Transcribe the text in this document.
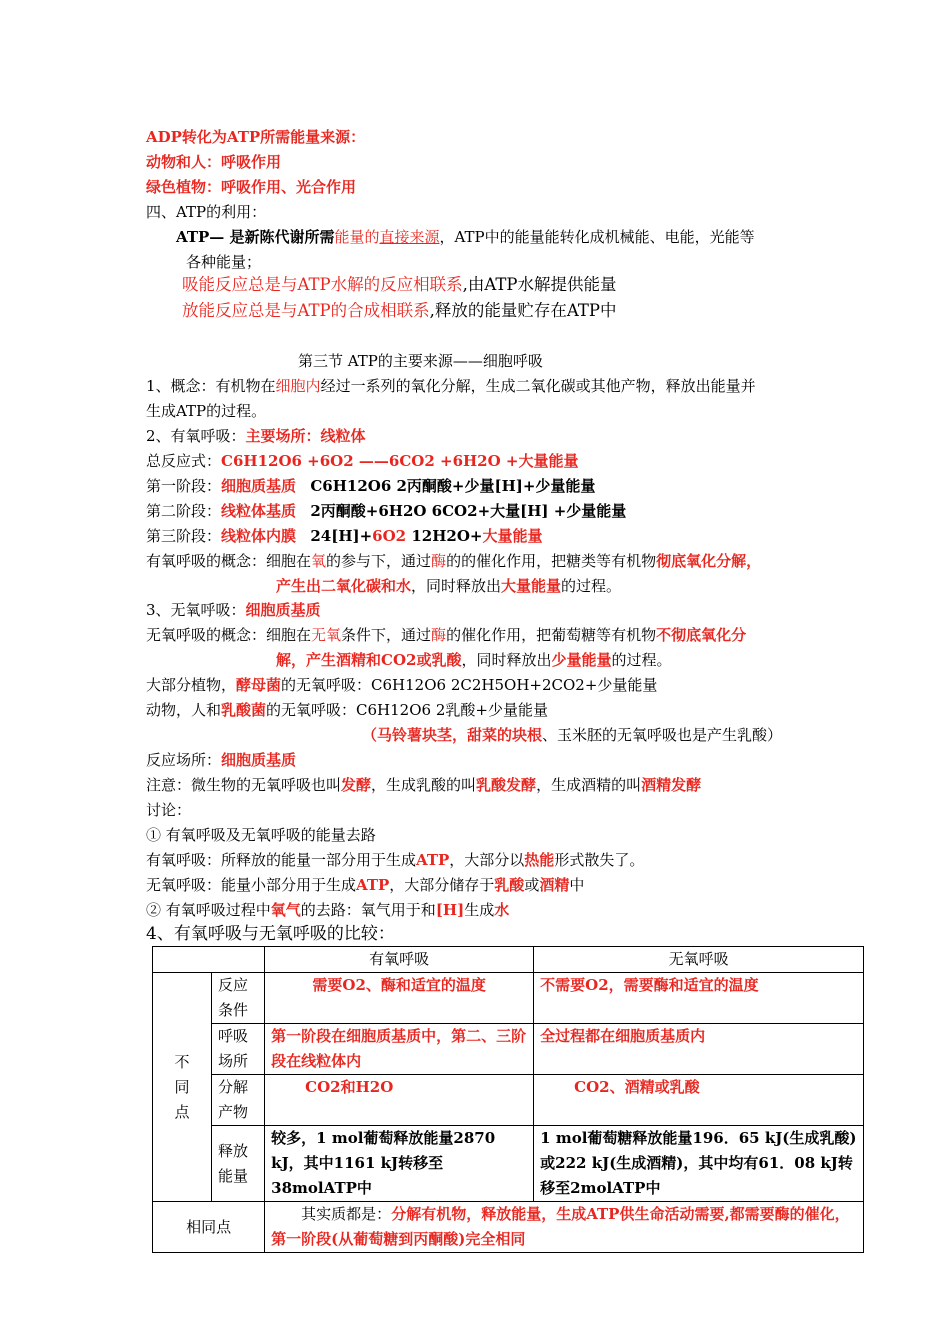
ADP转化为ATP所需能量来源：
动物和人：呼吸作用
绿色植物：呼吸作用、光合作用
四、ATP的利用：
ATP— 是新陈代谢所需能量的直接来源，ATP中的能量能转化成机械能、电能，光能等
各种能量；
吸能反应总是与ATP水解的反应相联系,由ATP水解提供能量
放能反应总是与ATP的合成相联系,释放的能量贮存在ATP中
第三节 ATP的主要来源——细胞呼吸
1、概念：有机物在细胞内经过一系列的氧化分解，生成二氧化碳或其他产物，释放出能量并
生成ATP的过程。
2、有氧呼吸：主要场所：线粒体
总反应式：C6H12O6 +6O2 ——6CO2 +6H2O +大量能量
第一阶段：细胞质基质 C6H12O6 2丙酮酸+少量[H]+少量能量
第二阶段：线粒体基质 2丙酮酸+6H2O 6CO2+大量[H] +少量能量
第三阶段：线粒体内膜 24[H]+6O2 12H2O+大量能量
有氧呼吸的概念：细胞在氧的参与下，通过酶的的催化作用，把糖类等有机物彻底氧化分解，
产生出二氧化碳和水，同时释放出大量能量的过程。
3、无氧呼吸：细胞质基质
无氧呼吸的概念：细胞在无氧条件下，通过酶的催化作用，把葡萄糖等有机物不彻底氧化分
解，产生酒精和CO2或乳酸，同时释放出少量能量的过程。
大部分植物，酵母菌的无氧呼吸：C6H12O6 2C2H5OH+2CO2+少量能量
动物，人和乳酸菌的无氧呼吸：C6H12O6 2乳酸+少量能量
（马铃薯块茎，甜菜的块根、玉米胚的无氧呼吸也是产生乳酸）
反应场所：细胞质基质
注意：微生物的无氧呼吸也叫发酵，生成乳酸的叫乳酸发酵，生成酒精的叫酒精发酵
讨论：
① 有氧呼吸及无氧呼吸的能量去路
有氧呼吸：所释放的能量一部分用于生成ATP，大部分以热能形式散失了。
无氧呼吸：能量小部分用于生成ATP，大部分储存于乳酸或酒精中
② 有氧呼吸过程中氧气的去路：氧气用于和[H]生成水
4、有氧呼吸与无氧呼吸的比较：
		有氧呼吸	无氧呼吸
不同点	反应条件	需要O2、酶和适宜的温度	不需要O2，需要酶和适宜的温度
	呼吸场所	第一阶段在细胞质基质中，第二、三阶段在线粒体内	全过程都在细胞质基质内
	分解产物	CO2和H2O	CO2、酒精或乳酸
	释放能量	较多，1 mol葡萄释放能量2870 kJ，其中1161 kJ转移至38molATP中	1 mol葡萄糖释放能量196．65 kJ(生成乳酸)或222 kJ(生成酒精)，其中均有61．08 kJ转移至2molATP中
相同点		其实质都是：分解有机物，释放能量，生成ATP供生命活动需要,都需要酶的催化，第一阶段(从葡萄糖到丙酮酸)完全相同	
